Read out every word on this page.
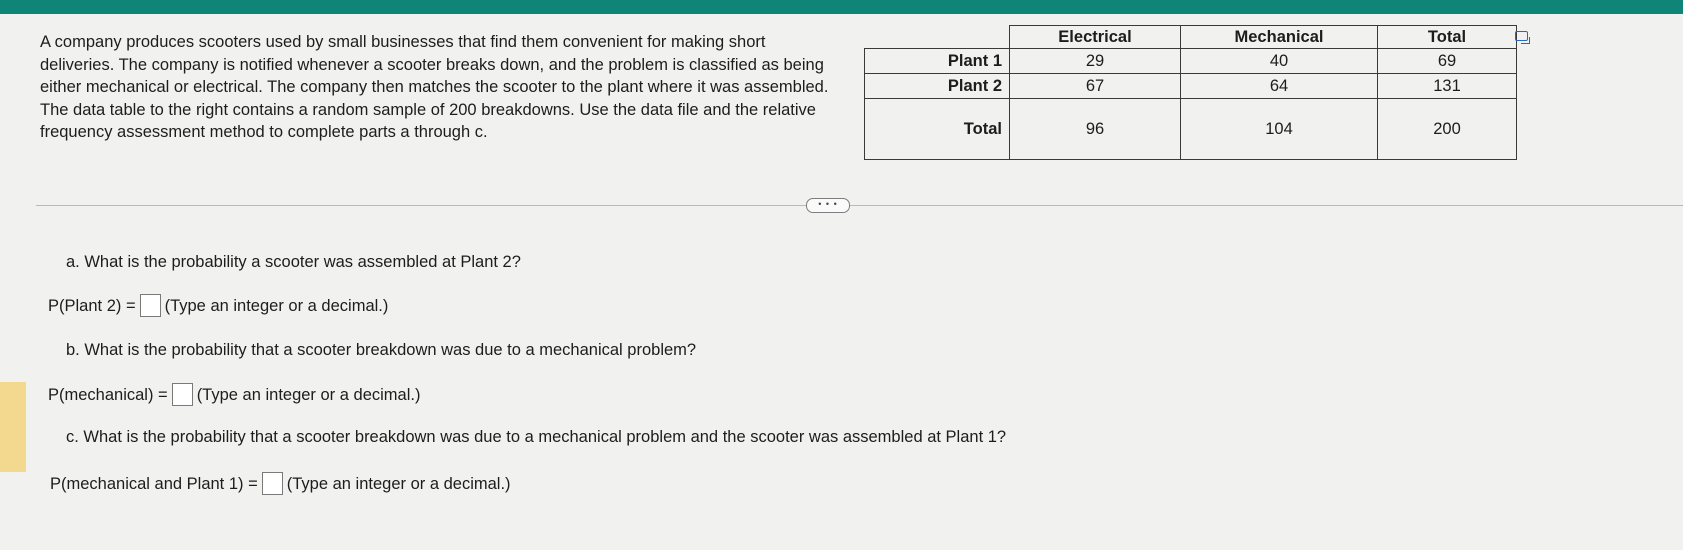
A company produces scooters used by small businesses that find them convenient for making short deliveries. The company is notified whenever a scooter breaks down, and the problem is classified as being either mechanical or electrical. The company then matches the scooter to the plant where it was assembled. The data table to the right contains a random sample of 200 breakdowns. Use the data file and the relative frequency assessment method to complete parts a through c.
	Electrical	Mechanical	Total
Plant 1	29	40	69
Plant 2	67	64	131
Total	96	104	200
• • •
a. What is the probability a scooter was assembled at Plant 2?
P(Plant 2) = (Type an integer or a decimal.)
b. What is the probability that a scooter breakdown was due to a mechanical problem?
P(mechanical) = (Type an integer or a decimal.)
c. What is the probability that a scooter breakdown was due to a mechanical problem and the scooter was assembled at Plant 1?
P(mechanical and Plant 1) = (Type an integer or a decimal.)
